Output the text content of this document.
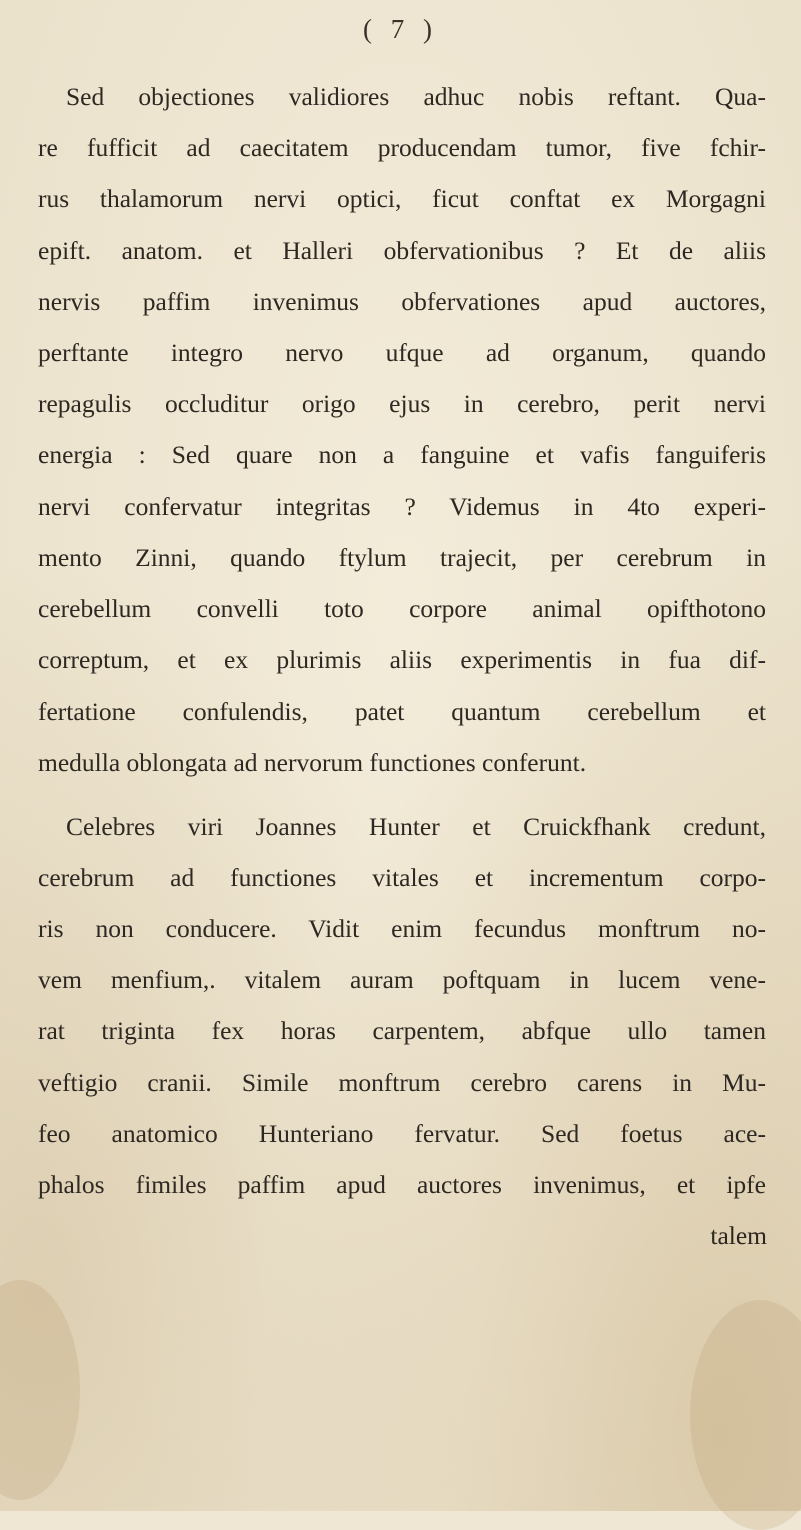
( 7 )
Sed objectiones validiores adhuc nobis reftant. Qua-
re fufficit ad caecitatem producendam tumor, five fchir-
rus thalamorum nervi optici, ficut conftat ex Morgagni
epift. anatom. et Halleri obfervationibus ? Et de aliis
nervis paffim invenimus obfervationes apud auctores,
perftante integro nervo ufque ad organum, quando
repagulis occluditur origo ejus in cerebro, perit nervi
energia : Sed quare non a fanguine et vafis fanguiferis
nervi confervatur integritas ? Videmus in 4to experi-
mento Zinni, quando ftylum trajecit, per cerebrum in
cerebellum convelli toto corpore animal opifthotono
correptum, et ex plurimis aliis experimentis in fua dif-
fertatione confulendis, patet quantum cerebellum et
medulla oblongata ad nervorum functiones conferunt.
Celebres viri Joannes Hunter et Cruickfhank credunt,
cerebrum ad functiones vitales et incrementum corpo-
ris non conducere. Vidit enim fecundus monftrum no-
vem menfium,. vitalem auram poftquam in lucem vene-
rat triginta fex horas carpentem, abfque ullo tamen
veftigio cranii. Simile monftrum cerebro carens in Mu-
feo anatomico Hunteriano fervatur. Sed foetus ace-
phalos fimiles paffim apud auctores invenimus, et ipfe
talem
